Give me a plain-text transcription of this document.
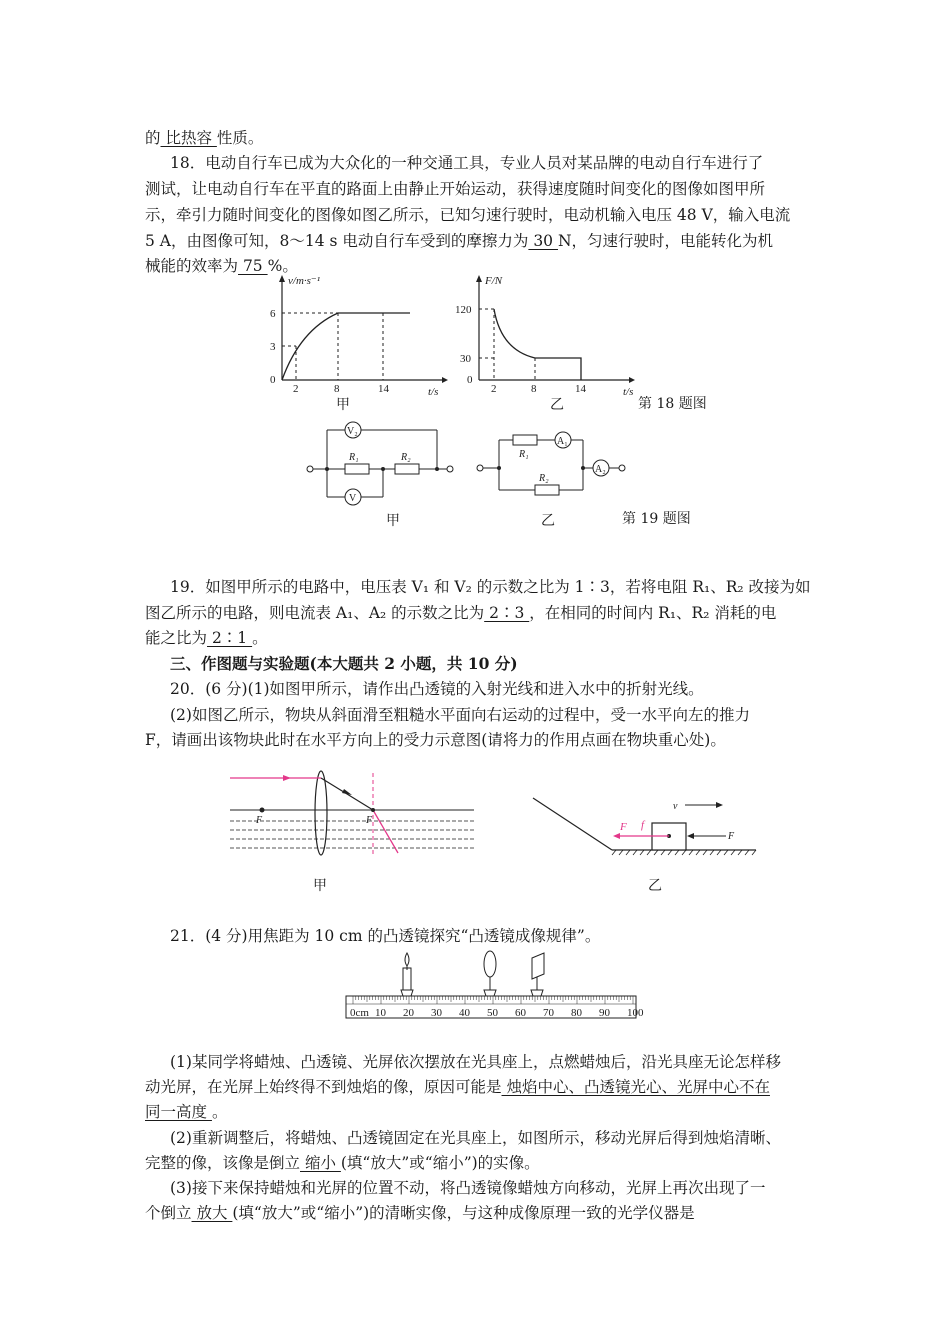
的 比热容 性质。
18．电动自行车已成为大众化的一种交通工具，专业人员对某品牌的电动自行车进行了
测试，让电动自行车在平直的路面上由静止开始运动，获得速度随时间变化的图像如图甲所
示，牵引力随时间变化的图像如图乙所示，已知匀速行驶时，电动机输入电压 48 V，输入电流
5 A，由图像可知，8～14 s 电动自行车受到的摩擦力为 30 N，匀速行驶时，电能转化为机
械能的效率为 75 %。
v/m·s⁻¹
t/s
6
3
0
2	8	14
甲
F/N
t/s
120
30
0
2	8	14
乙	第 18 题图
V₂
R₁	R₂
V
甲
R₁
A₁
R₂
A₂
乙	第 19 题图
19．如图甲所示的电路中，电压表 V₁ 和 V₂ 的示数之比为 1∶3，若将电阻 R₁、R₂ 改接为如
图乙所示的电路，则电流表 A₁、A₂ 的示数之比为 2∶3 ，在相同的时间内 R₁、R₂ 消耗的电
能之比为 2∶1 。
三、作图题与实验题(本大题共 2 小题，共 10 分)
20．(6 分)(1)如图甲所示，请作出凸透镜的入射光线和进入水中的折射光线。
(2)如图乙所示，物块从斜面滑至粗糙水平面向右运动的过程中，受一水平向左的推力
F，请画出该物块此时在水平方向上的受力示意图(请将力的作用点画在物块重心处)。
F	F
甲
F f
F
v
乙
21．(4 分)用焦距为 10 cm 的凸透镜探究“凸透镜成像规律”。
0cm 10 20 30 40 50 60 70 80 90 100
(1)某同学将蜡烛、凸透镜、光屏依次摆放在光具座上，点燃蜡烛后，沿光具座无论怎样移
动光屏，在光屏上始终得不到烛焰的像，原因可能是 烛焰中心、凸透镜光心、光屏中心不在
同一高度 。
(2)重新调整后，将蜡烛、凸透镜固定在光具座上，如图所示，移动光屏后得到烛焰清晰、
完整的像，该像是倒立 缩小 (填“放大”或“缩小”)的实像。
(3)接下来保持蜡烛和光屏的位置不动，将凸透镜像蜡烛方向移动，光屏上再次出现了一
个倒立 放大 (填“放大”或“缩小”)的清晰实像，与这种成像原理一致的光学仪器是
